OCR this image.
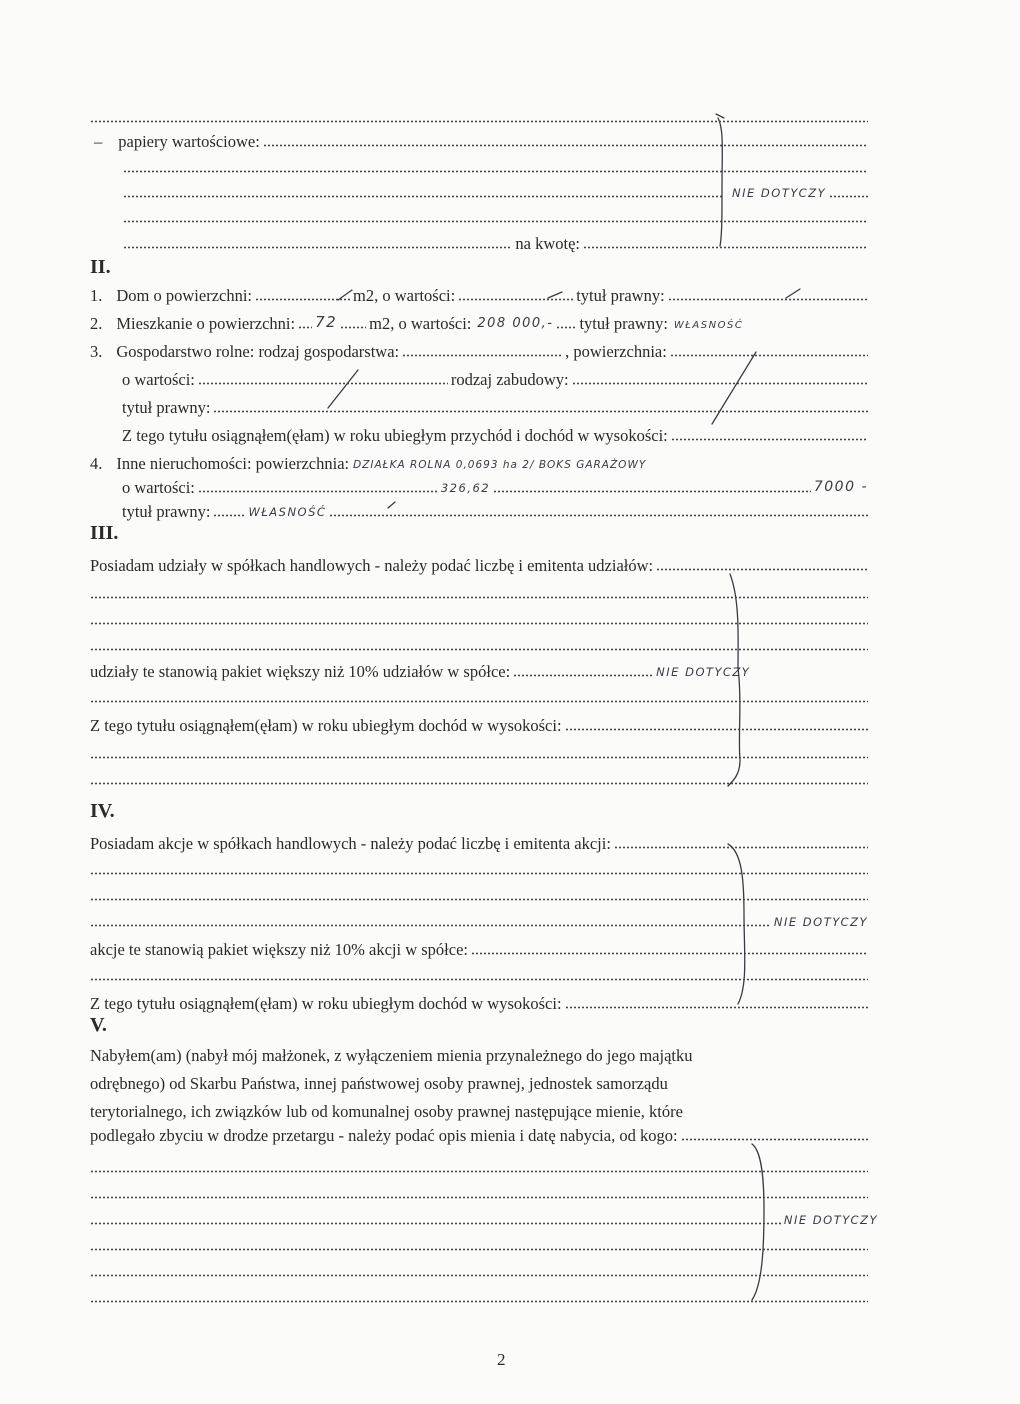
– papiery wartościowe:
NIE DOTYCZY
na kwotę:
II.
1. Dom o powierzchni:	m2, o wartości:	tytuł prawny:
2. Mieszkanie o powierzchni: 72 m2, o wartości: 208 000,- tytuł prawny: WŁASNOŚĆ
3. Gospodarstwo rolne: rodzaj gospodarstwa:	, powierzchnia:
o wartości:	rodzaj zabudowy:
tytuł prawny:
Z tego tytułu osiągnąłem(ęłam) w roku ubiegłym przychód i dochód w wysokości:
4. Inne nieruchomości: powierzchnia: DZIAŁKA ROLNA 0,0693 ha 2/ BOKS GARAŻOWY
o wartości:	326,62	7000 -
tytuł prawny:	WŁASNOŚĆ
III.
Posiadam udziały w spółkach handlowych - należy podać liczbę i emitenta udziałów:
udziały te stanowią pakiet większy niż 10% udziałów w spółce:	NIE DOTYCZY
Z tego tytułu osiągnąłem(ęłam) w roku ubiegłym dochód w wysokości:
IV.
Posiadam akcje w spółkach handlowych - należy podać liczbę i emitenta akcji:
NIE DOTYCZY
akcje te stanowią pakiet większy niż 10% akcji w spółce:
Z tego tytułu osiągnąłem(ęłam) w roku ubiegłym dochód w wysokości:
V.
Nabyłem(am) (nabył mój małżonek, z wyłączeniem mienia przynależnego do jego majątku
odrębnego) od Skarbu Państwa, innej państwowej osoby prawnej, jednostek samorządu
terytorialnego, ich związków lub od komunalnej osoby prawnej następujące mienie, które
podlegało zbyciu w drodze przetargu - należy podać opis mienia i datę nabycia, od kogo:
NIE DOTYCZY
2
